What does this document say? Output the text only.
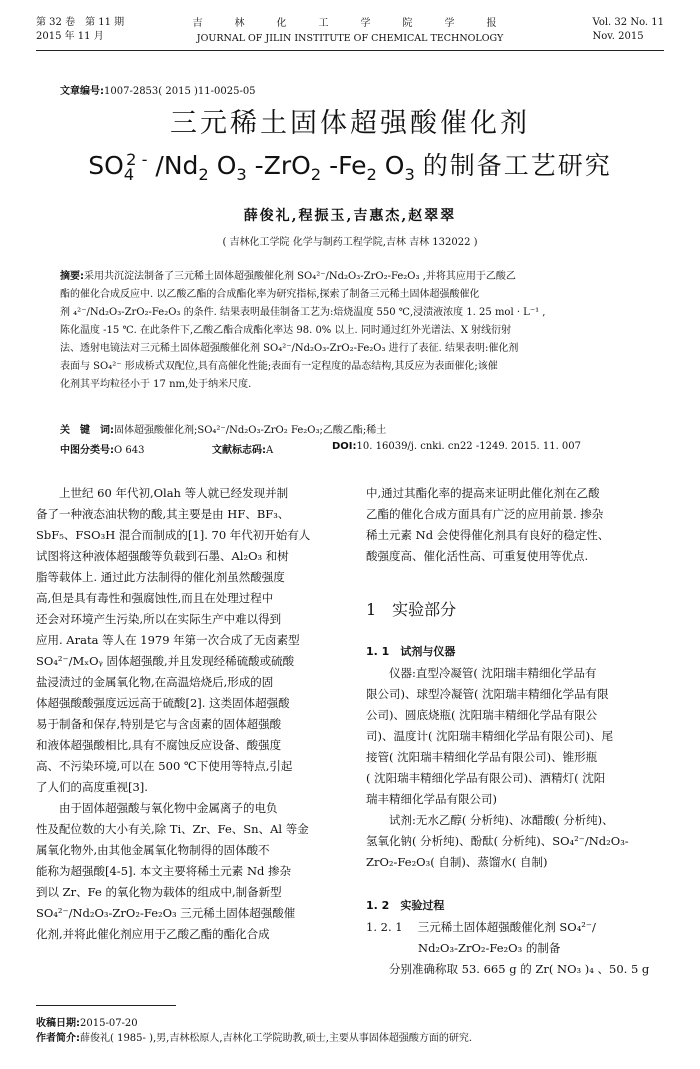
第 32 卷　第 11 期
2015 年 11 月
吉　林　化　工　学　院　学　报
JOURNAL OF JILIN INSTITUTE OF CHEMICAL TECHNOLOGY
Vol. 32 No. 11
Nov. 2015
文章编号:1007-2853( 2015 )11-0025-05
三元稀土固体超强酸催化剂
$SO_4^{2 -}$ $/Nd_2$ $O_3$ -ZrO$_2$ $-Fe_2$ $O_3$ 的制备工艺研究
薛俊礼,程振玉,吉惠杰,赵翠翠
( 吉林化工学院 化学与制药工程学院,吉林 吉林 132022 )
摘要:采用共沉淀法制备了三元稀土固体超强酸催化剂 SO₄²⁻/Nd₂O₃-ZrO₂-Fe₂O₃ ,并将其应用于乙酸乙
酯的催化合成反应中. 以乙酸乙酯的合成酯化率为研究指标,探索了制备三元稀土固体超强酸催化
剂 ₄²⁻/Nd₂O₃-ZrO₂-Fe₂O₃ 的条件. 结果表明最佳制备工艺为:焙烧温度 550 ℃,浸渍液浓度 1. 25 mol · L⁻¹ ,
陈化温度 -15 ℃. 在此条件下,乙酸乙酯合成酯化率达 98. 0% 以上. 同时通过红外光谱法、X 射线衍射
法、透射电镜法对三元稀土固体超强酸催化剂 SO₄²⁻/Nd₂O₃-ZrO₂-Fe₂O₃ 进行了表征. 结果表明:催化剂
表面与 SO₄²⁻ 形成桥式双配位,具有高催化性能;表面有一定程度的晶态结构,其反应为表面催化;该催
化剂其平均粒径小于 17 nm,处于纳米尺度.
关　键　词:固体超强酸催化剂;SO₄²⁻/Nd₂O₃-ZrO₂ Fe₂O₃;乙酸乙酯;稀土
中图分类号:O 643	文献标志码:A	DOI:10. 16039/j. cnki. cn22 -1249. 2015. 11. 007

上世纪 60 年代初,Olah 等人就已经发现并制

备了一种液态油状物的酸,其主要是由 HF、BF₃、

SbF₅、FSO₃H 混合而制成的[1]. 70 年代初开始有人

试图将这种液体超强酸等负载到石墨、Al₂O₃ 和树

脂等载体上. 通过此方法制得的催化剂虽然酸强度

高,但是具有毒性和强腐蚀性,而且在处理过程中

还会对环境产生污染,所以在实际生产中难以得到

应用. Arata 等人在 1979 年第一次合成了无卤素型

SO₄²⁻/MₓOᵧ 固体超强酸,并且发现经稀硫酸或硫酸

盐浸渍过的金属氧化物,在高温焙烧后,形成的固

体超强酸酸强度远远高于硫酸[2]. 这类固体超强酸

易于制备和保存,特别是它与含卤素的固体超强酸

和液体超强酸相比,具有不腐蚀反应设备、酸强度

高、不污染环境,可以在 500 ℃下使用等特点,引起

了人们的高度重视[3].

由于固体超强酸与氧化物中金属离子的电负

性及配位数的大小有关,除 Ti、Zr、Fe、Sn、Al 等金

属氧化物外,由其他金属氧化物制得的固体酸不

能称为超强酸[4-5]. 本文主要将稀土元素 Nd 掺杂

到以 Zr、Fe 的氧化物为载体的组成中,制备新型

SO₄²⁻/Nd₂O₃-ZrO₂-Fe₂O₃ 三元稀土固体超强酸催

化剂,并将此催化剂应用于乙酸乙酯的酯化合成

中,通过其酯化率的提高来证明此催化剂在乙酸

乙酯的催化合成方面具有广泛的应用前景. 掺杂

稀土元素 Nd 会使得催化剂具有良好的稳定性、

酸强度高、催化活性高、可重复使用等优点.

1　实验部分
1. 1　试剂与仪器

仪器:直型冷凝管( 沈阳瑞丰精细化学品有

限公司)、球型冷凝管( 沈阳瑞丰精细化学品有限

公司)、圆底烧瓶( 沈阳瑞丰精细化学品有限公

司)、温度计( 沈阳瑞丰精细化学品有限公司)、尾

接管( 沈阳瑞丰精细化学品有限公司)、锥形瓶

( 沈阳瑞丰精细化学品有限公司)、酒精灯( 沈阳

瑞丰精细化学品有限公司)

试剂:无水乙醇( 分析纯)、冰醋酸( 分析纯)、

氢氧化钠( 分析纯)、酚酞( 分析纯)、SO₄²⁻/Nd₂O₃-

ZrO₂-Fe₂O₃( 自制)、蒸馏水( 自制)

1. 2　实验过程

1. 2. 1　 三元稀土固体超强酸催化剂 SO₄²⁻/

Nd₂O₃-ZrO₂-Fe₂O₃ 的制备

分别准确称取 53. 665 g 的 Zr( NO₃ )₄ 、50. 5 g

收稿日期:2015-07-20
作者简介:薛俊礼( 1985- ),男,吉林松原人,吉林化工学院助教,硕士,主要从事固体超强酸方面的研究.
